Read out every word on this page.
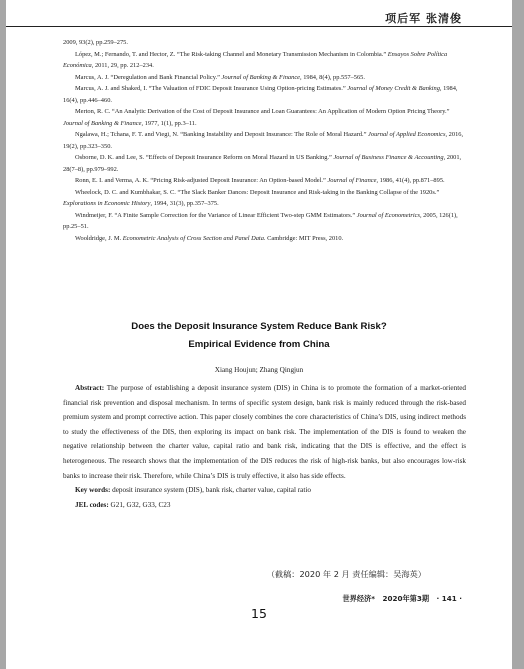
项后军 张清俊

2009, 93(2), pp.259–275.

López, M.; Fernando, T. and Hector, Z. “The Risk-taking Channel and Monetary Transmission Mechanism in Colombia.” Ensayos Sobre Política Económica, 2011, 29, pp. 212–234.

Marcus, A. J. “Deregulation and Bank Financial Policy.” Journal of Banking & Finance, 1984, 8(4), pp.557–565.

Marcus, A. J. and Shaked, I. “The Valuation of FDIC Deposit Insurance Using Option-pricing Estimates.” Journal of Money Credit & Banking, 1984, 16(4), pp.446–460.

Merton, R. C. “An Analytic Derivation of the Cost of Deposit Insurance and Loan Guarantees: An Application of Modern Option Pricing Theory.” Journal of Banking & Finance, 1977, 1(1), pp.3–11.

Ngalawa, H.; Tchana, F. T. and Viegi, N. “Banking Instability and Deposit Insurance: The Role of Moral Hazard.” Journal of Applied Economics, 2016, 19(2), pp.323–350.

Osborne, D. K. and Lee, S. “Effects of Deposit Insurance Reform on Moral Hazard in US Banking.” Journal of Business Finance & Accounting, 2001, 28(7–8), pp.979–992.

Ronn, E. I. and Verma, A. K. “Pricing Risk-adjusted Deposit Insurance: An Option-based Model.” Journal of Finance, 1986, 41(4), pp.871–895.

Wheelock, D. C. and Kumbhakar, S. C. “The Slack Banker Dances: Deposit Insurance and Risk-taking in the Banking Collapse of the 1920s.” Explorations in Economic History, 1994, 31(3), pp.357–375.

Windmeijer, F. “A Finite Sample Correction for the Variance of Linear Efficient Two-step GMM Estimators.” Journal of Econometrics, 2005, 126(1), pp.25–51.

Wooldridge, J. M. Econometric Analysis of Cross Section and Panel Data. Cambridge: MIT Press, 2010.

Does the Deposit Insurance System Reduce Bank Risk?
Empirical Evidence from China
Xiang Houjun; Zhang Qingjun

Abstract: The purpose of establishing a deposit insurance system (DIS) in China is to promote the formation of a market-oriented financial risk prevention and disposal mechanism. In terms of specific system design, bank risk is mainly reduced through the risk-based premium system and prompt corrective action. This paper closely combines the core characteristics of China’s DIS, using indirect methods to study the effectiveness of the DIS, then exploring its impact on bank risk. The implementation of the DIS is found to weaken the negative relationship between the charter value, capital ratio and bank risk, indicating that the DIS is effective, and the effect is heterogeneous. The research shows that the implementation of the DIS reduces the risk of high-risk banks, but also encourages low-risk banks to increase their risk. Therefore, while China’s DIS is truly effective, it also has side effects.

Key words: deposit insurance system (DIS), bank risk, charter value, capital ratio
JEL codes: G21, G32, G33, C23
（截稿：2020 年 2 月 责任编辑：吴海英）
世界经济*   2020年第3期   · 141 ·
15
